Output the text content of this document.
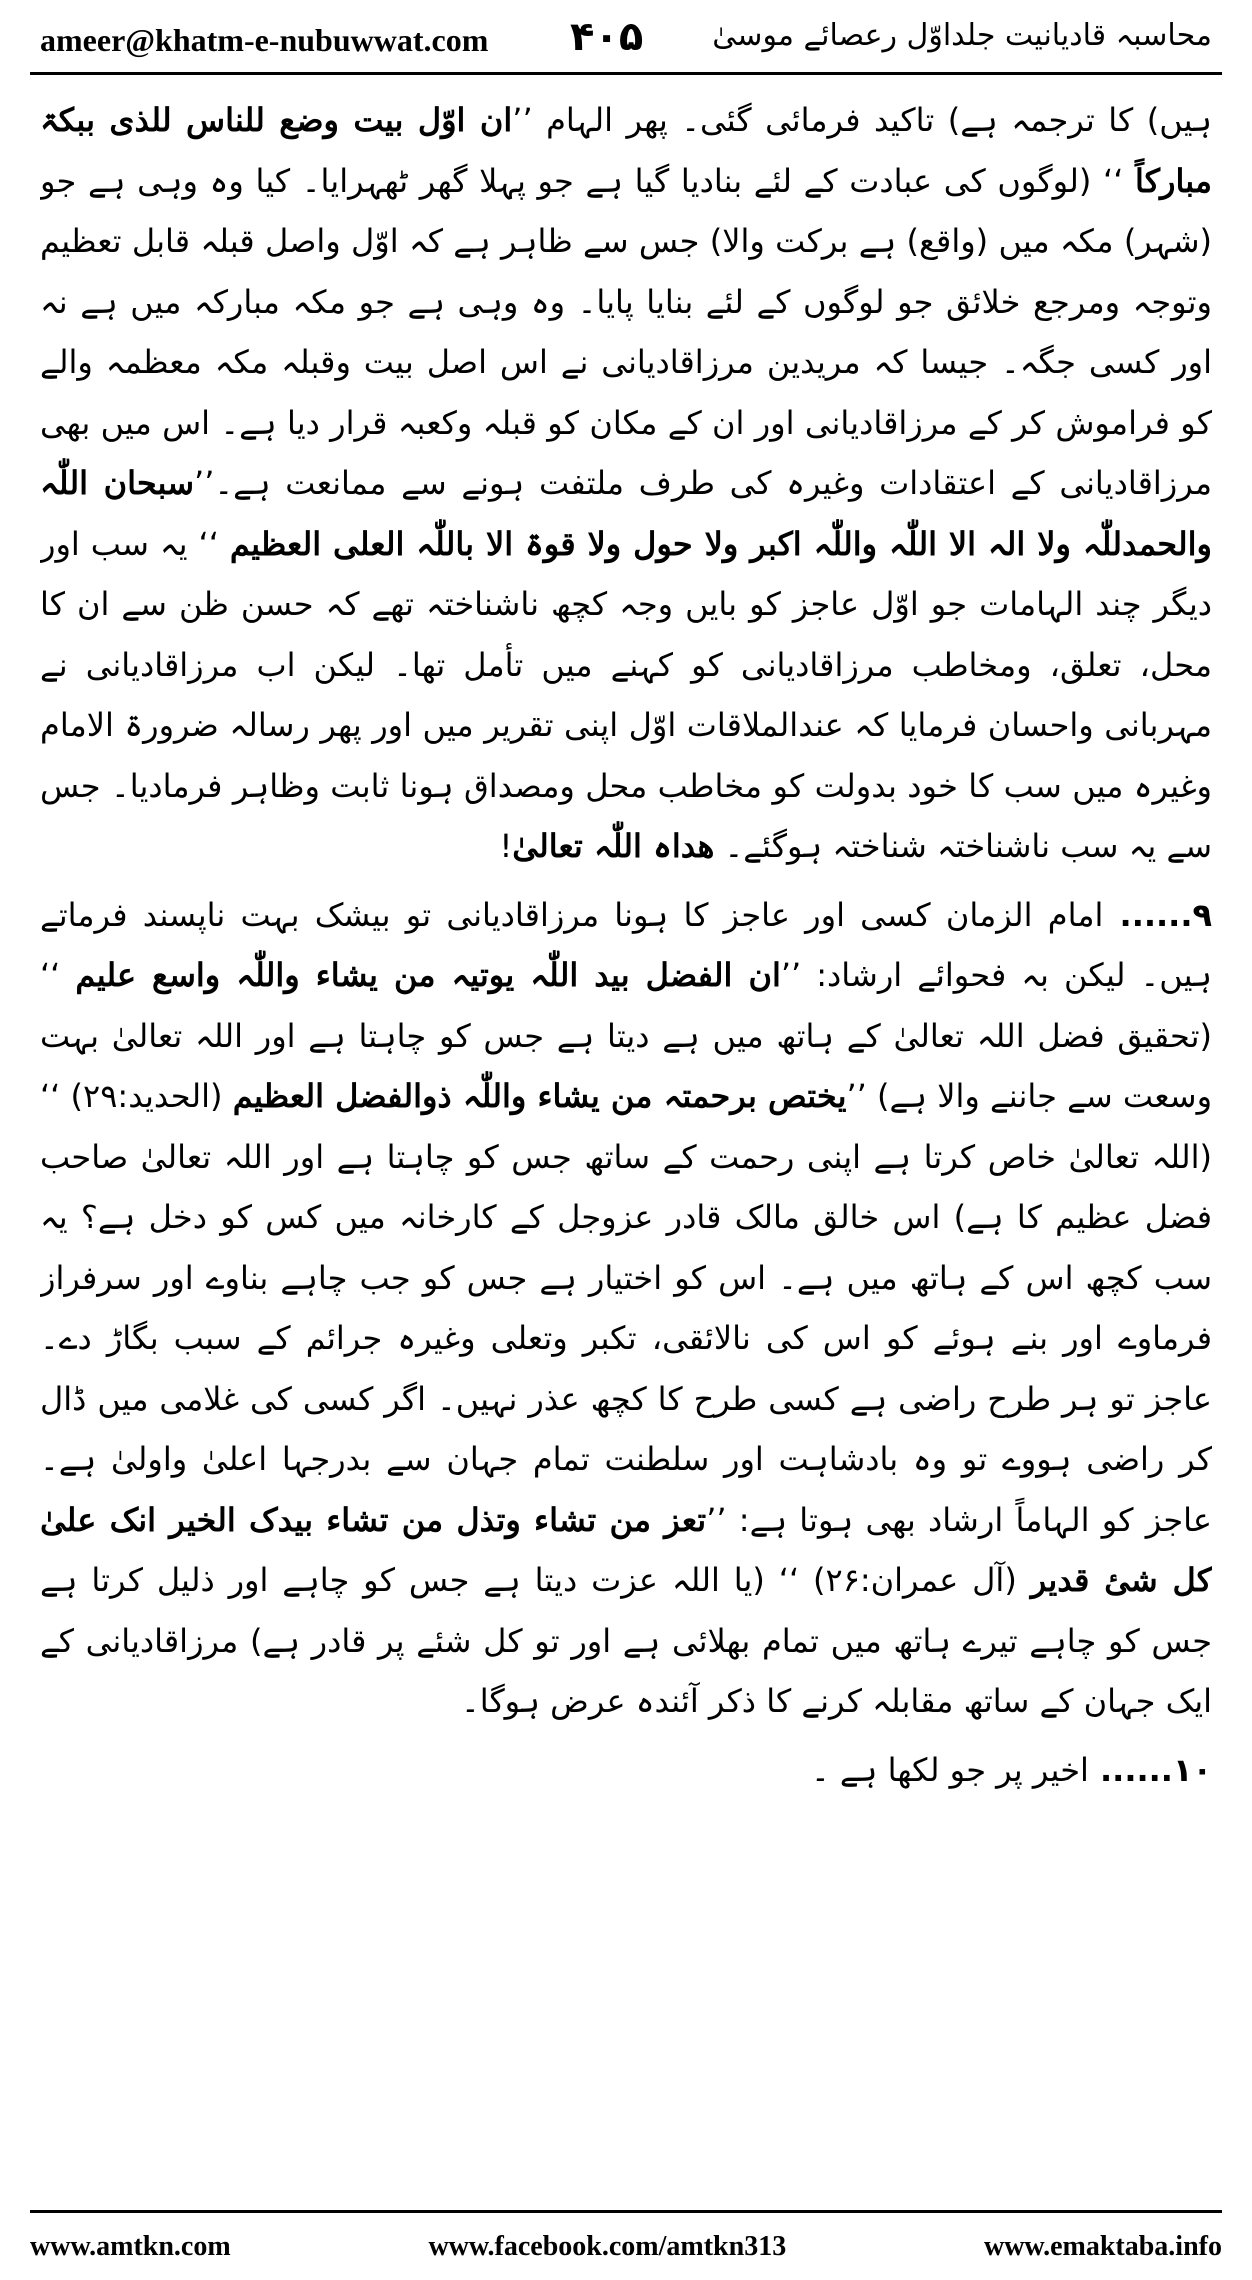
ameer@khatm-e-nubuwwat.com ۴۰۵ محاسبہ قادیانیت جلداوّل رعصائے موسیٰ

ہیں) کا ترجمہ ہے) تاکید فرمائی گئی۔ پھر الہام ’’ان اوّل بیت وضع للناس للذی ببکۃ مبارکاً ‘‘ (لوگوں کی عبادت کے لئے بنادیا گیا ہے جو پہلا گھر ٹھہرایا۔ کیا وہ وہی ہے جو (شہر) مکہ میں (واقع) ہے برکت والا) جس سے ظاہر ہے کہ اوّل واصل قبلہ قابل تعظیم وتوجہ ومرجع خلائق جو لوگوں کے لئے بنایا پایا۔ وہ وہی ہے جو مکہ مبارکہ میں ہے نہ اور کسی جگہ۔ جیسا کہ مریدین مرزاقادیانی نے اس اصل بیت وقبلہ مکہ معظمہ والے کو فراموش کر کے مرزاقادیانی اور ان کے مکان کو قبلہ وکعبہ قرار دیا ہے۔ اس میں بھی مرزاقادیانی کے اعتقادات وغیرہ کی طرف ملتفت ہونے سے ممانعت ہے۔’’سبحان اللّٰہ والحمدللّٰہ ولا الہ الا اللّٰہ واللّٰہ اکبر ولا حول ولا قوۃ الا باللّٰہ العلی العظیم ‘‘ یہ سب اور دیگر چند الہامات جو اوّل عاجز کو بایں وجہ کچھ ناشناختہ تھے کہ حسن ظن سے ان کا محل، تعلق، ومخاطب مرزاقادیانی کو کہنے میں تأمل تھا۔ لیکن اب مرزاقادیانی نے مہربانی واحسان فرمایا کہ عندالملاقات اوّل اپنی تقریر میں اور پھر رسالہ ضرورۃ الامام وغیرہ میں سب کا خود بدولت کو مخاطب محل ومصداق ہونا ثابت وظاہر فرمادیا۔ جس سے یہ سب ناشناختہ شناختہ ہوگئے۔ ھداہ اللّٰہ تعالیٰ!

۹...... امام الزمان کسی اور عاجز کا ہونا مرزاقادیانی تو بیشک بہت ناپسند فرماتے ہیں۔ لیکن بہ فحوائے ارشاد: ’’ان الفضل بید اللّٰہ یوتیہ من یشاء واللّٰہ واسع علیم ‘‘ (تحقیق فضل اللہ تعالیٰ کے ہاتھ میں ہے دیتا ہے جس کو چاہتا ہے اور اللہ تعالیٰ بہت وسعت سے جاننے والا ہے) ’’یختص برحمتہ من یشاء واللّٰہ ذوالفضل العظیم (الحدید:۲۹) ‘‘ (اللہ تعالیٰ خاص کرتا ہے اپنی رحمت کے ساتھ جس کو چاہتا ہے اور اللہ تعالیٰ صاحب فضل عظیم کا ہے) اس خالق مالک قادر عزوجل کے کارخانہ میں کس کو دخل ہے؟ یہ سب کچھ اس کے ہاتھ میں ہے۔ اس کو اختیار ہے جس کو جب چاہے بناوے اور سرفراز فرماوے اور بنے ہوئے کو اس کی نالائقی، تکبر وتعلی وغیرہ جرائم کے سبب بگاڑ دے۔ عاجز تو ہر طرح راضی ہے کسی طرح کا کچھ عذر نہیں۔ اگر کسی کی غلامی میں ڈال کر راضی ہووے تو وہ بادشاہت اور سلطنت تمام جہان سے بدرجہا اعلیٰ واولیٰ ہے۔ عاجز کو الہاماً ارشاد بھی ہوتا ہے: ’’تعز من تشاء وتذل من تشاء بیدک الخیر انک علیٰ کل شیٔ قدیر (آل عمران:۲۶) ‘‘ (یا اللہ عزت دیتا ہے جس کو چاہے اور ذلیل کرتا ہے جس کو چاہے تیرے ہاتھ میں تمام بھلائی ہے اور تو کل شئے پر قادر ہے) مرزاقادیانی کے ایک جہان کے ساتھ مقابلہ کرنے کا ذکر آئندہ عرض ہوگا۔

۱۰...... اخیر پر جو لکھا ہے ۔

www.amtkn.com	www.facebook.com/amtkn313	www.emaktaba.info
